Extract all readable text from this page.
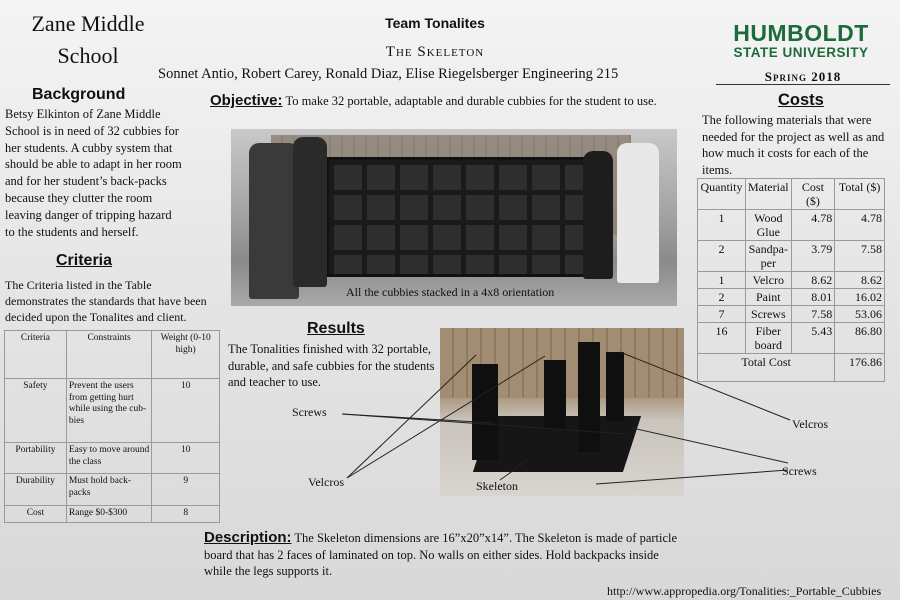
Zane Middle School
Team Tonalites
The Skeleton
Sonnet Antio, Robert Carey, Ronald Diaz, Elise Riegelsberger Engineering 215
HUMBOLDT
STATE UNIVERSITY
Spring 2018
Background
Betsy Elkinton of Zane Middle School is in need of 32 cubbies for her students. A cubby system that should be able to adapt in her room and for her student’s back-packs because they clutter the room leaving danger of tripping hazard to the students and herself.
Criteria
The Criteria listed in the Table demonstrates the standards that have been decided upon the Tonalites and client.
Criteria	Constraints	Weight (0-10 high)
Safety	Prevent the users from getting hurt while using the cub-bies	10
Portability	Easy to move around the class	10
Durability	Must hold back-packs	9
Cost	Range $0-$300	8
Objective: To make 32 portable, adaptable and durable cubbies for the student to use.
All the cubbies stacked in a 4x8 orientation
Results
The Tonalities finished with 32 portable, durable, and safe cubbies for the students and teacher to use.
Screws
Velcros	Skeleton
Velcros
Screws
Costs
The following materials that were needed for the project as well as and how much it costs for each of the items.
Quantity	Material	Cost ($)	Total ($)
1	Wood Glue	4.78	4.78
2	Sandpa-per	3.79	7.58
1	Velcro	8.62	8.62
2	Paint	8.01	16.02
7	Screws	7.58	53.06
16	Fiber board	5.43	86.80
Total Cost			176.86
Description: The Skeleton dimensions are 16”x20”x14”. The Skeleton is made of particle board that has 2 faces of laminated on top. No walls on either sides. Hold backpacks inside while the legs supports it.
http://www.appropedia.org/Tonalities:_Portable_Cubbies
